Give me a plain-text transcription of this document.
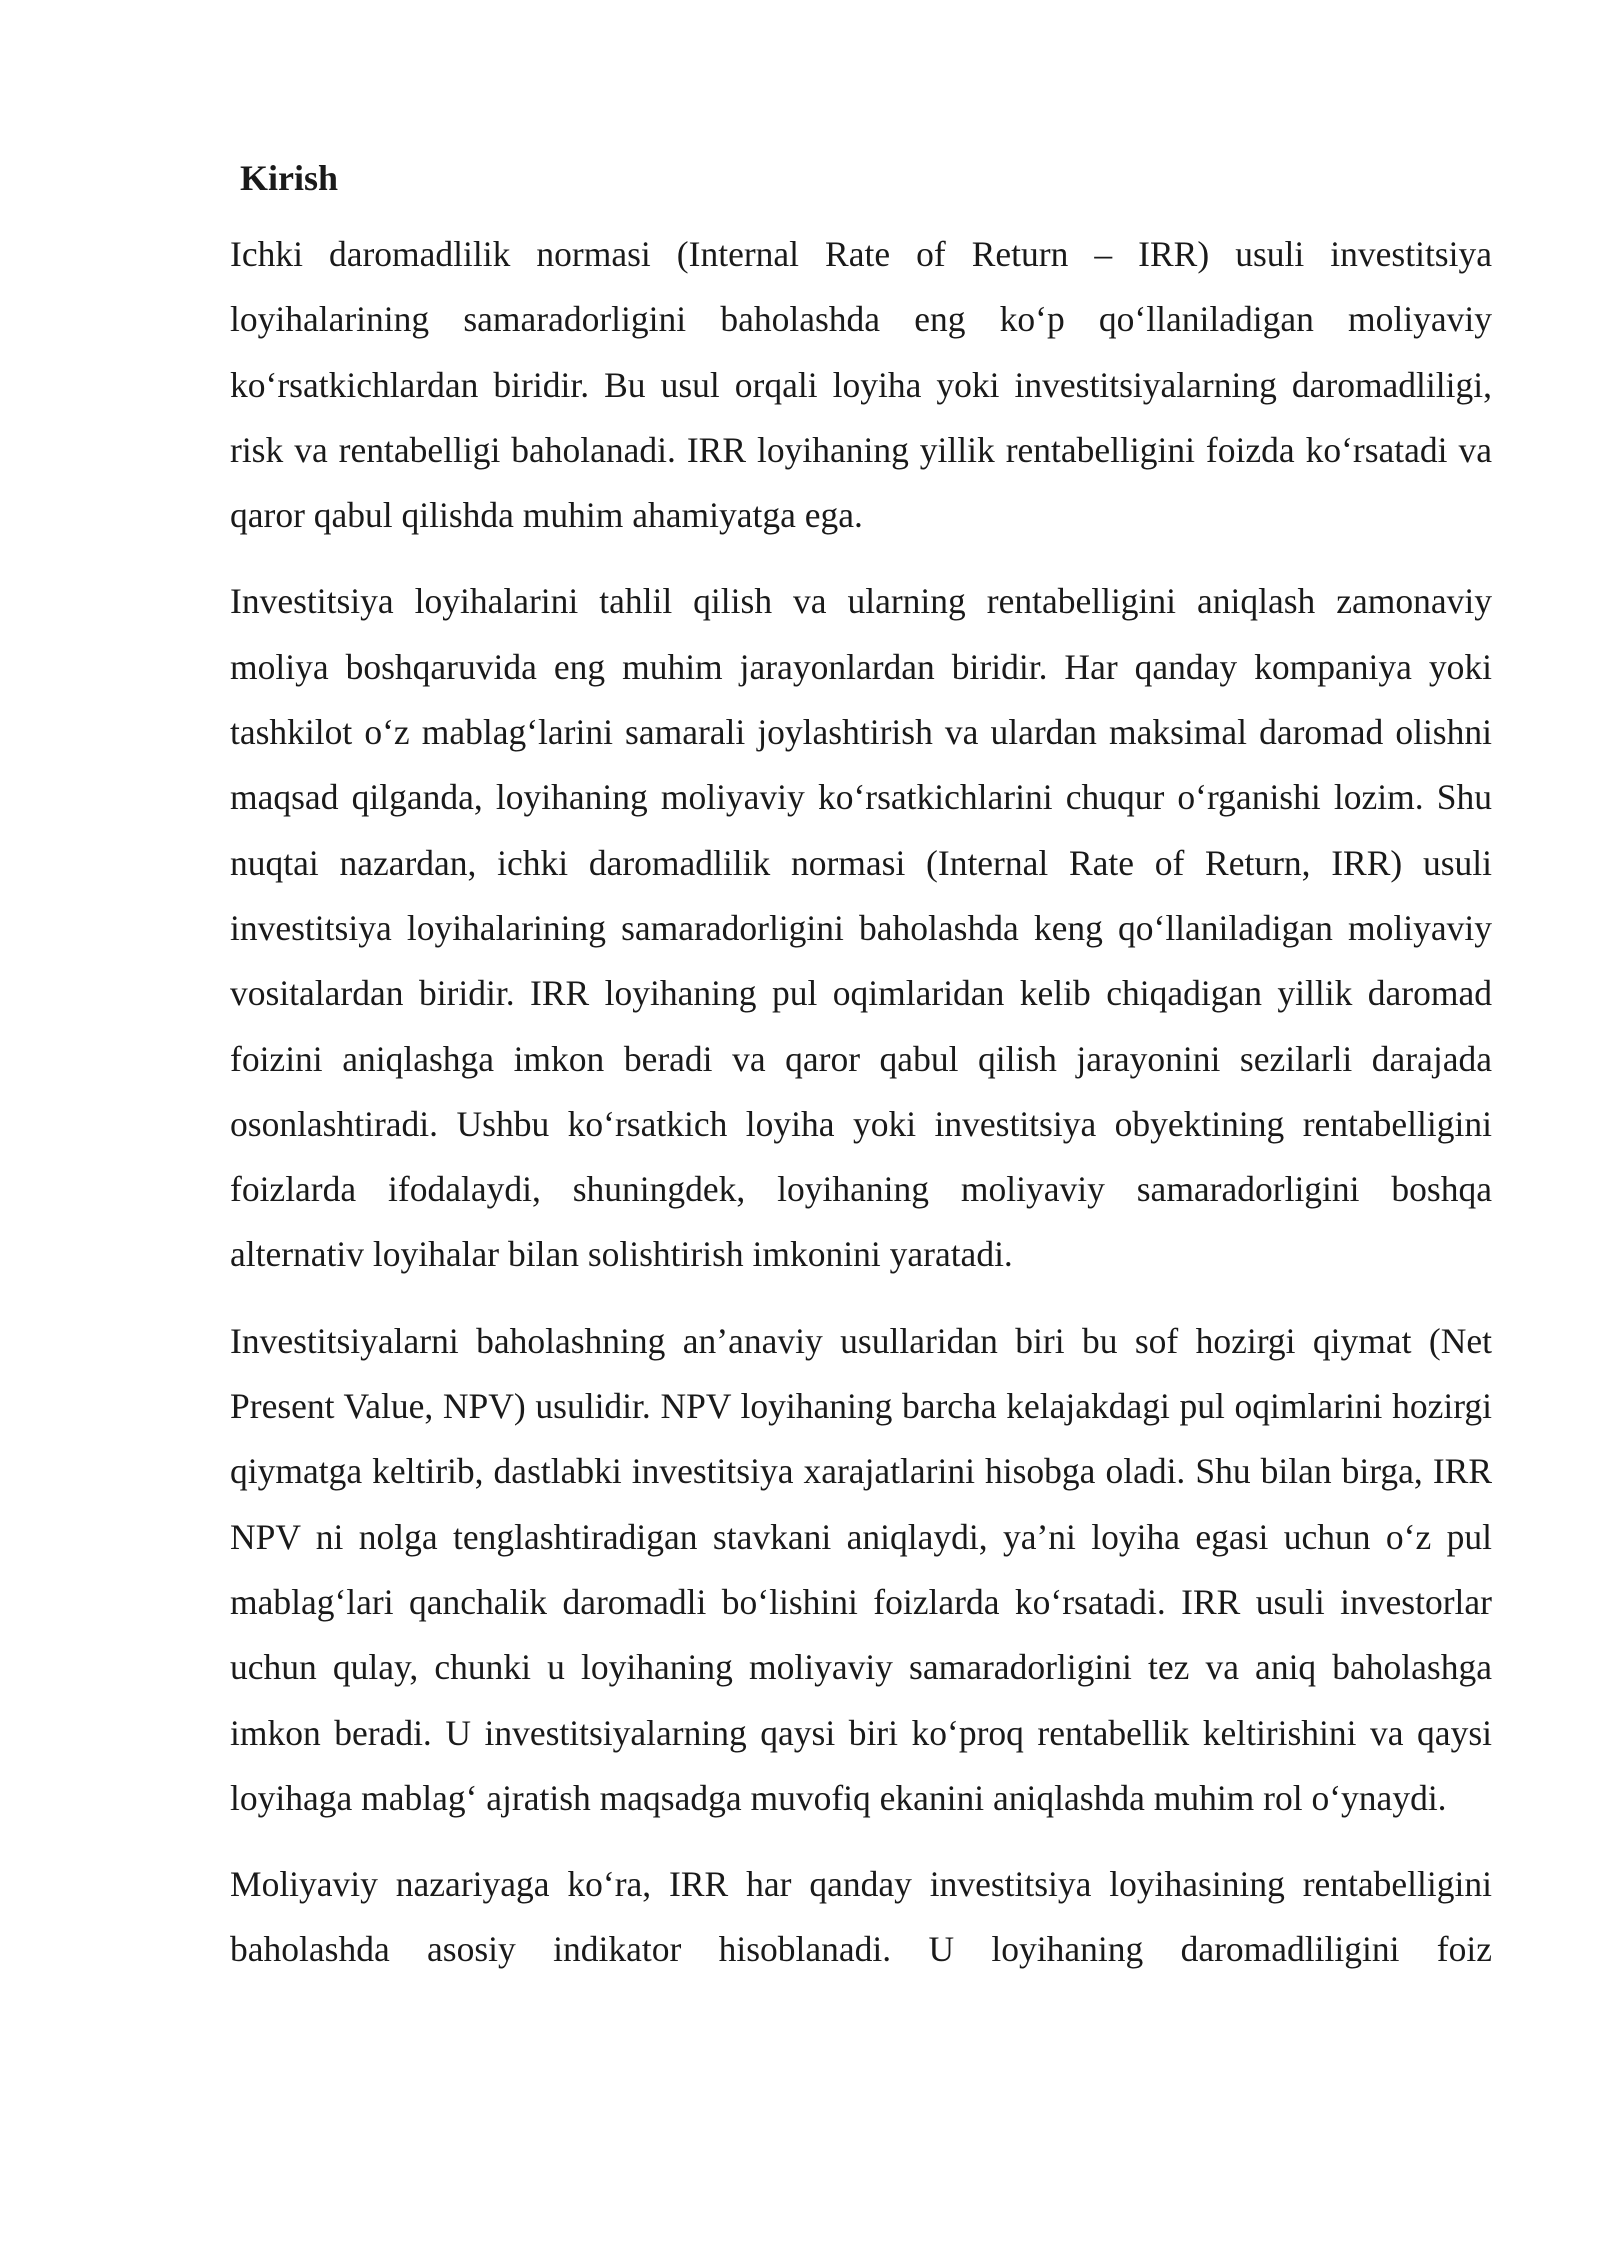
Kirish

Ichki daromadlilik normasi (Internal Rate of Return – IRR) usuli investitsiya loyihalarining samaradorligini baholashda eng ko‘p qo‘llaniladigan moliyaviy ko‘rsatkichlardan biridir. Bu usul orqali loyiha yoki investitsiyalarning daromadliligi, risk va rentabelligi baholanadi. IRR loyihaning yillik rentabelligini foizda ko‘rsatadi va qaror qabul qilishda muhim ahamiyatga ega.

Investitsiya loyihalarini tahlil qilish va ularning rentabelligini aniqlash zamonaviy moliya boshqaruvida eng muhim jarayonlardan biridir. Har qanday kompaniya yoki tashkilot o‘z mablag‘larini samarali joylashtirish va ulardan maksimal daromad olishni maqsad qilganda, loyihaning moliyaviy ko‘rsatkichlarini chuqur o‘rganishi lozim. Shu nuqtai nazardan, ichki daromadlilik normasi (Internal Rate of Return, IRR) usuli investitsiya loyihalarining samaradorligini baholashda keng qo‘llaniladigan moliyaviy vositalardan biridir. IRR loyihaning pul oqimlaridan kelib chiqadigan yillik daromad foizini aniqlashga imkon beradi va qaror qabul qilish jarayonini sezilarli darajada osonlashtiradi. Ushbu ko‘rsatkich loyiha yoki investitsiya obyektining rentabelligini foizlarda ifodalaydi, shuningdek, loyihaning moliyaviy samaradorligini boshqa alternativ loyihalar bilan solishtirish imkonini yaratadi.

Investitsiyalarni baholashning an’anaviy usullaridan biri bu sof hozirgi qiymat (Net Present Value, NPV) usulidir. NPV loyihaning barcha kelajakdagi pul oqimlarini hozirgi qiymatga keltirib, dastlabki investitsiya xarajatlarini hisobga oladi. Shu bilan birga, IRR NPV ni nolga tenglashtiradigan stavkani aniqlaydi, ya’ni loyiha egasi uchun o‘z pul mablag‘lari qanchalik daromadli bo‘lishini foizlarda ko‘rsatadi. IRR usuli investorlar uchun qulay, chunki u loyihaning moliyaviy samaradorligini tez va aniq baholashga imkon beradi. U investitsiyalarning qaysi biri ko‘proq rentabellik keltirishini va qaysi loyihaga mablag‘ ajratish maqsadga muvofiq ekanini aniqlashda muhim rol o‘ynaydi.

Moliyaviy nazariyaga ko‘ra, IRR har qanday investitsiya loyihasining rentabelligini baholashda asosiy indikator hisoblanadi. U loyihaning daromadliligini foiz
